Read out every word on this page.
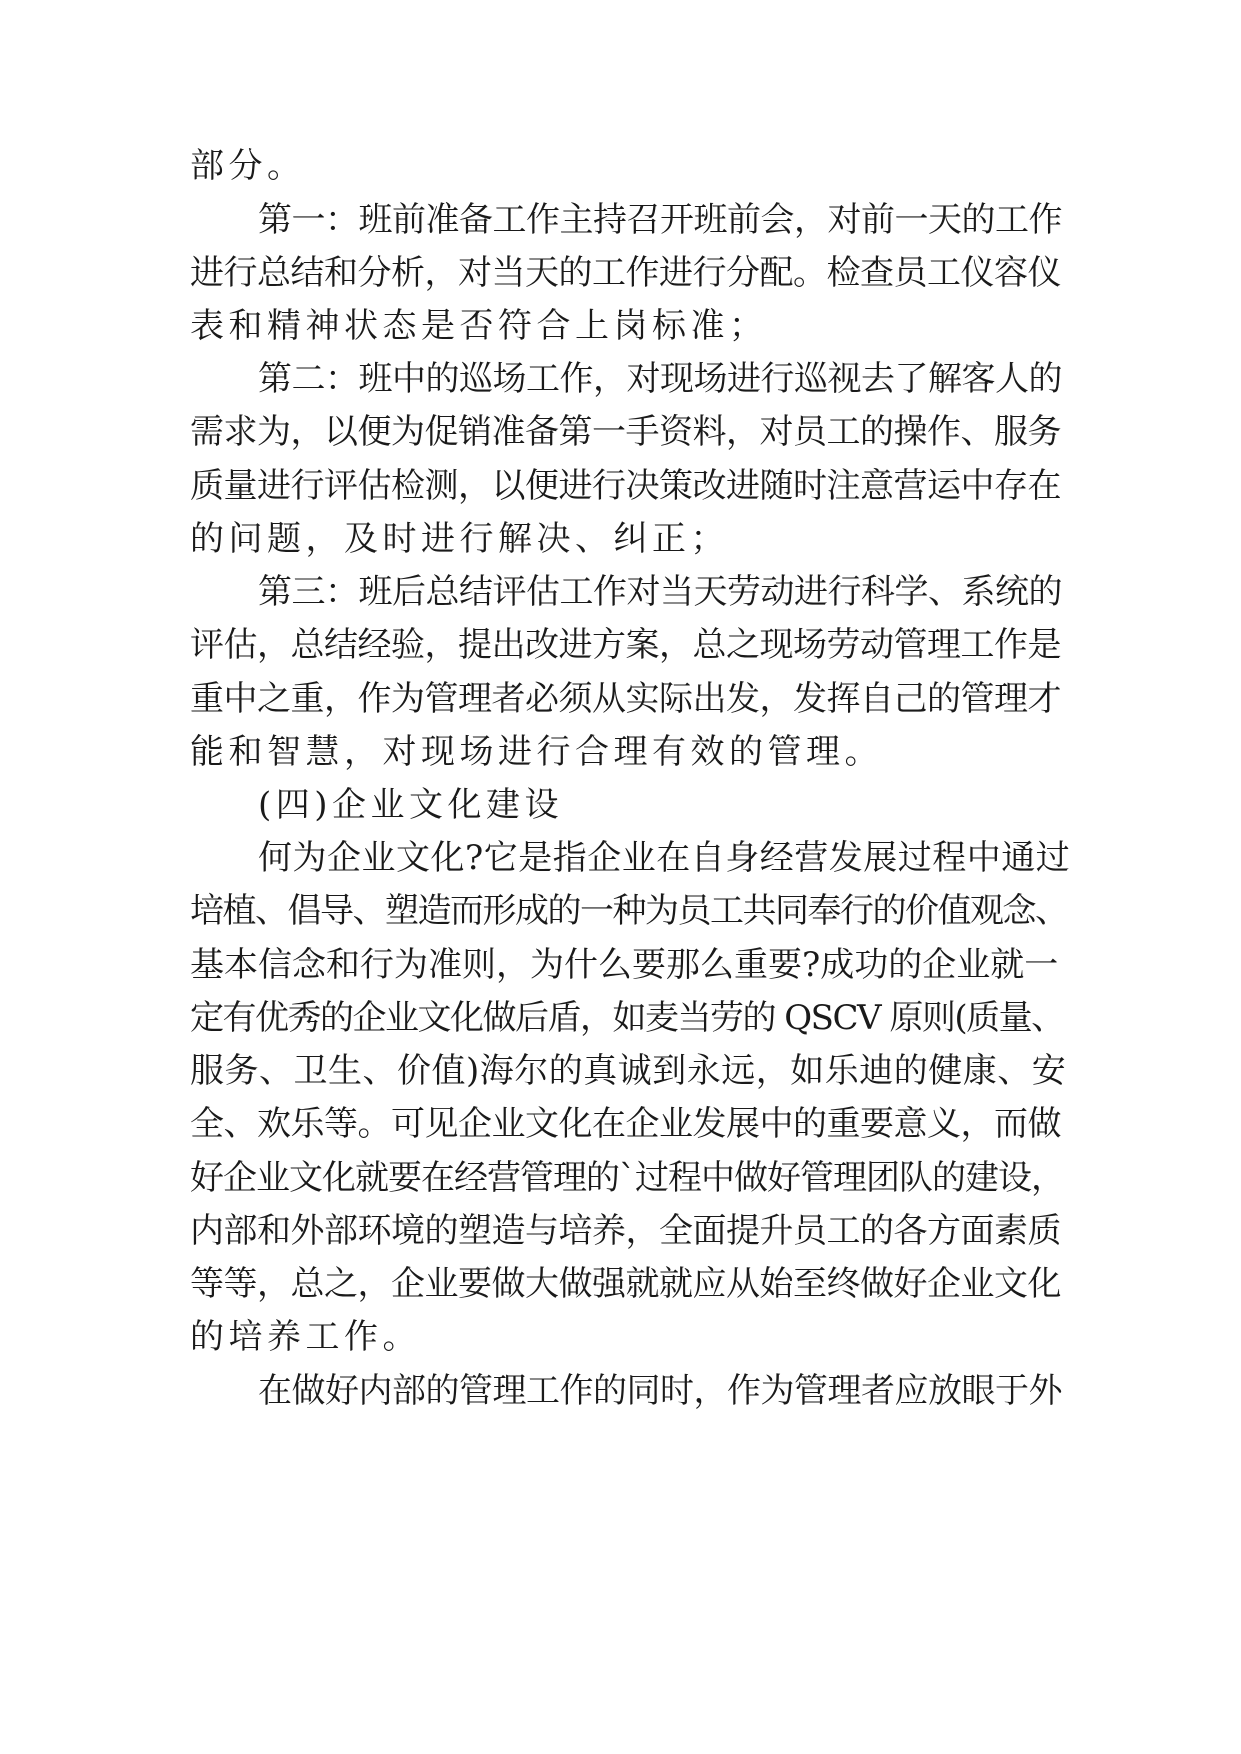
部分。
第一：班前准备工作主持召开班前会，对前一天的工作
进行总结和分析，对当天的工作进行分配。检查员工仪容仪
表和精神状态是否符合上岗标准；
第二：班中的巡场工作，对现场进行巡视去了解客人的
需求为，以便为促销准备第一手资料，对员工的操作、服务
质量进行评估检测，以便进行决策改进随时注意营运中存在
的问题，及时进行解决、纠正；
第三：班后总结评估工作对当天劳动进行科学、系统的
评估，总结经验，提出改进方案，总之现场劳动管理工作是
重中之重，作为管理者必须从实际出发，发挥自己的管理才
能和智慧，对现场进行合理有效的管理。
(四)企业文化建设
何为企业文化?它是指企业在自身经营发展过程中通过
培植、倡导、塑造而形成的一种为员工共同奉行的价值观念、
基本信念和行为准则，为什么要那么重要?成功的企业就一
定有优秀的企业文化做后盾，如麦当劳的 QSCV 原则(质量、
服务、卫生、价值)海尔的真诚到永远，如乐迪的健康、安
全、欢乐等。可见企业文化在企业发展中的重要意义，而做
好企业文化就要在经营管理的`过程中做好管理团队的建设，
内部和外部环境的塑造与培养，全面提升员工的各方面素质
等等，总之，企业要做大做强就就应从始至终做好企业文化
的培养工作。
在做好内部的管理工作的同时，作为管理者应放眼于外
